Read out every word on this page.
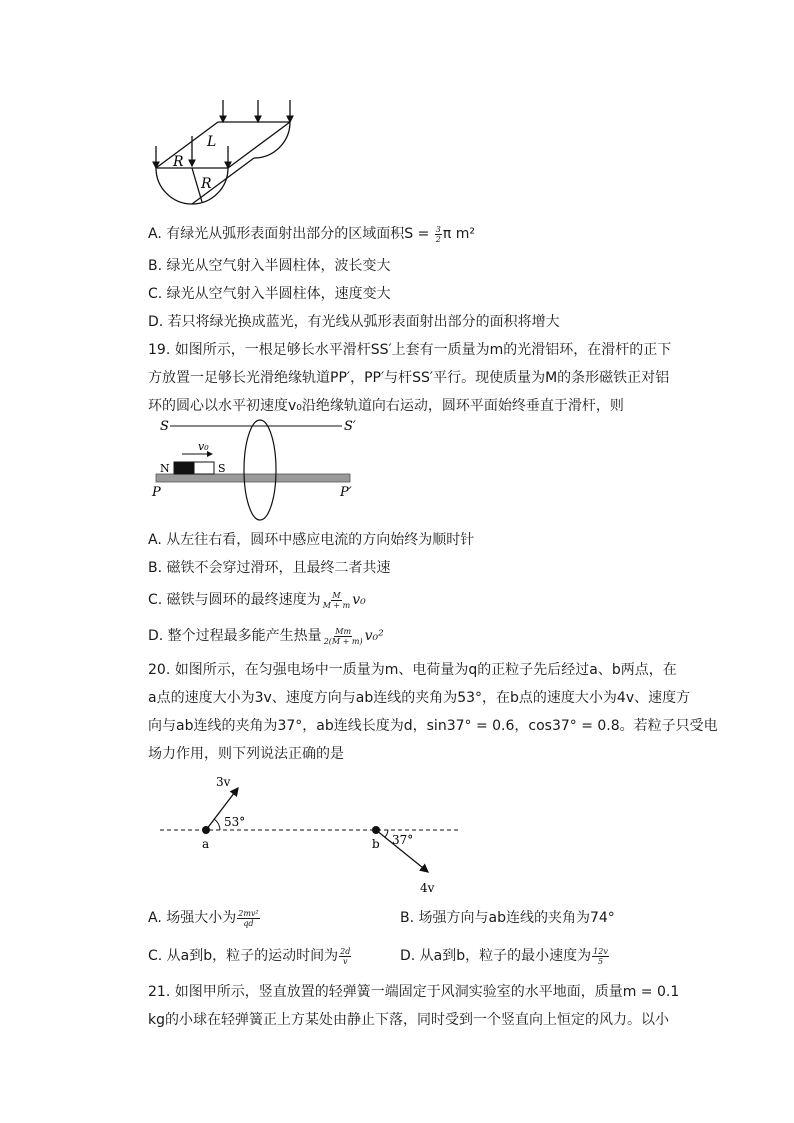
L
R
R
A. 有绿光从弧形表面射出部分的区域面积$S = \frac{3}{2}$ π m²
B. 绿光从空气射入半圆柱体，波长变大
C. 绿光从空气射入半圆柱体，速度变大
D. 若只将绿光换成蓝光，有光线从弧形表面射出部分的面积将增大
19. 如图所示，一根足够长水平滑杆SS′上套有一质量为m的光滑铝环，在滑杆的正下
方放置一足够长光滑绝缘轨道PP′，PP′与杆SS′平行。现使质量为M的条形磁铁正对铝
环的圆心以水平初速度v₀沿绝缘轨道向右运动，圆环平面始终垂直于滑杆，则
S	S′
v₀
N	S
P	P′
A. 从左往右看，圆环中感应电流的方向始终为顺时针
B. 磁铁不会穿过滑环，且最终二者共速
C. 磁铁与圆环的最终速度为 $\frac{M}{M + m} v_0$
D. 整个过程最多能产生热量 $\frac{Mm}{2(M + m)} v_0^2$
20. 如图所示，在匀强电场中一质量为m、电荷量为q的正粒子先后经过a、b两点，在
a点的速度大小为3v、速度方向与ab连线的夹角为53°，在b点的速度大小为4v、速度方
向与ab连线的夹角为37°，ab连线长度为d，sin37° = 0.6，cos37° = 0.8。若粒子只受电
场力作用，则下列说法正确的是
3v
53°
a	b 37°
4v
A. 场强大小为 $\frac{\text{2mv²}}{qd}$	B. 场强方向与ab连线的夹角为74°
C. 从a到b，粒子的运动时间为 $\frac{2d}{v}$	D. 从a到b，粒子的最小速度为 $\frac{12v}{5}$
21. 如图甲所示，竖直放置的轻弹簧一端固定于风洞实验室的水平地面，质量m = 0.1
kg的小球在轻弹簧正上方某处由静止下落，同时受到一个竖直向上恒定的风力。以小
